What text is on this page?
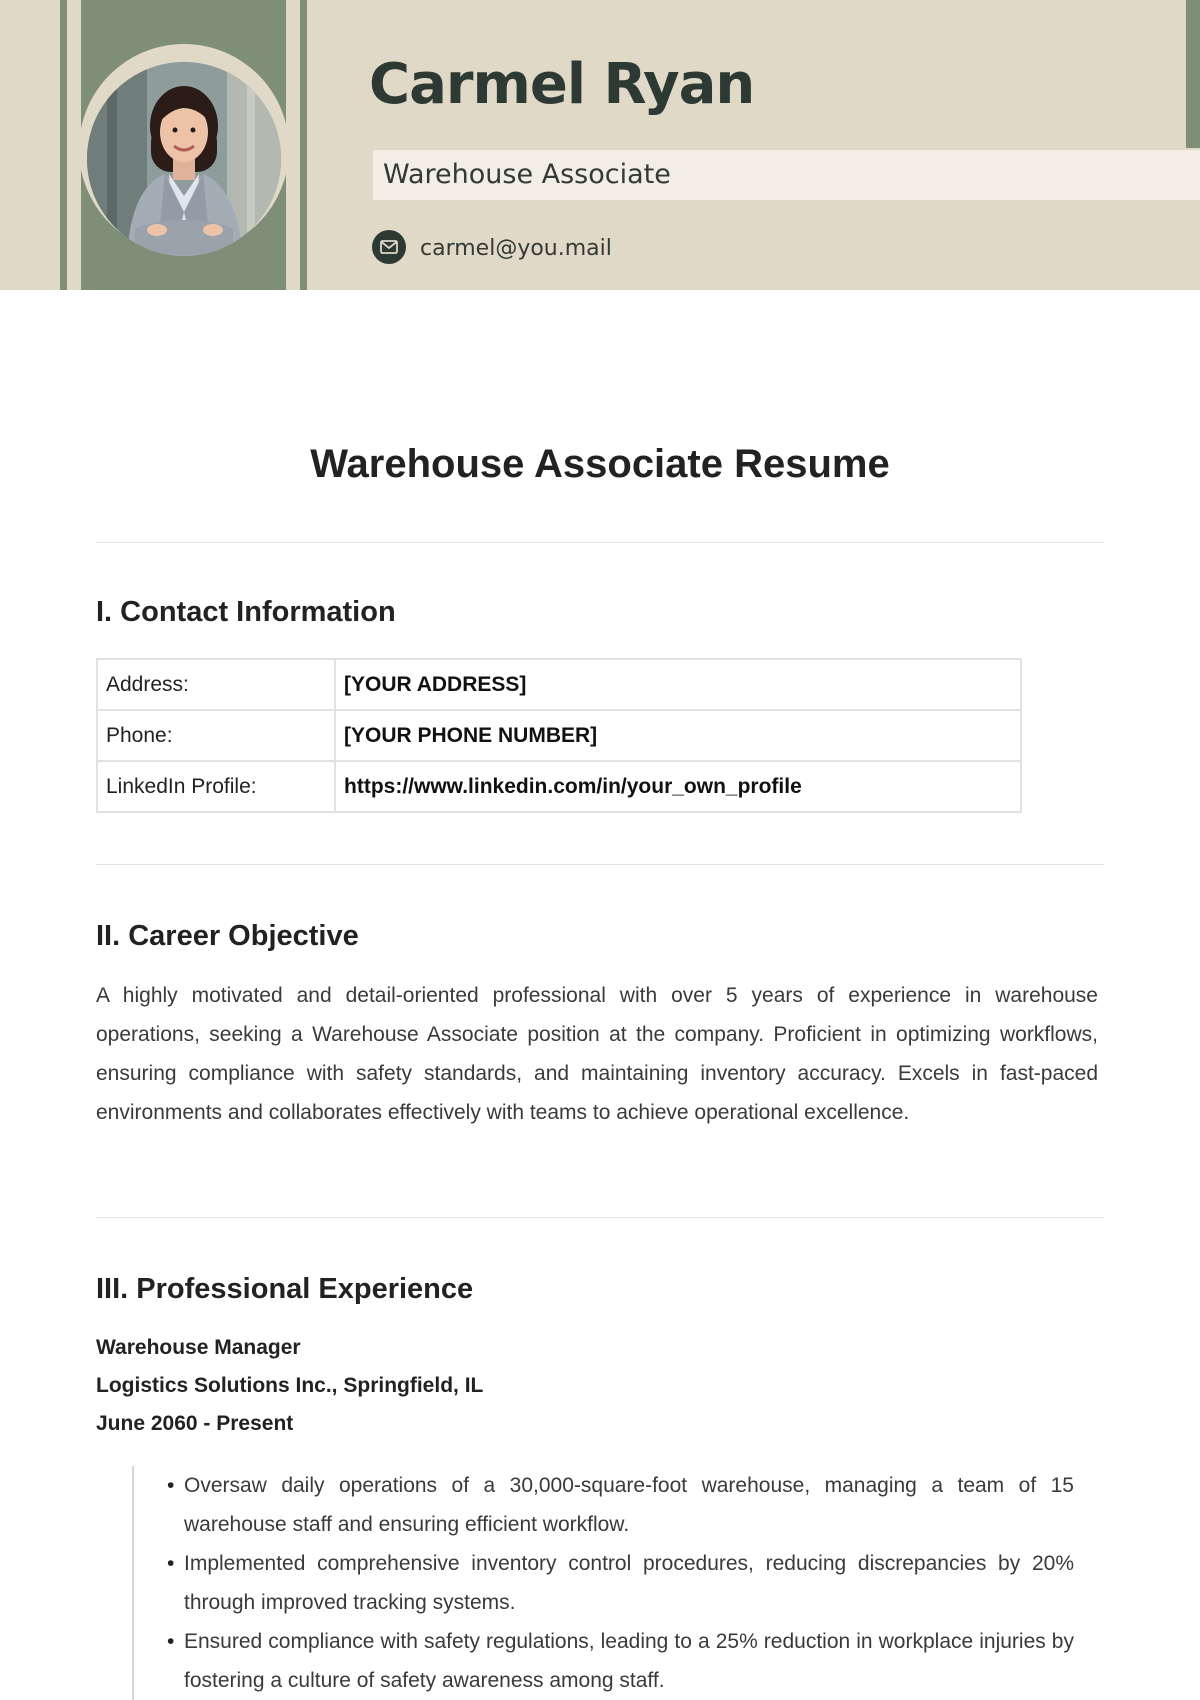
Carmel Ryan
Warehouse Associate
carmel@you.mail
Warehouse Associate Resume
I. Contact Information
Address:	[YOUR ADDRESS]
Phone:	[YOUR PHONE NUMBER]
LinkedIn Profile:	https://www.linkedin.com/in/your_own_profile
II. Career Objective

A highly motivated and detail-oriented professional with over 5 years of experience in warehouse operations, seeking a Warehouse Associate position at the company. Proficient in optimizing workflows, ensuring compliance with safety standards, and maintaining inventory accuracy. Excels in fast-paced environments and collaborates effectively with teams to achieve operational excellence.

III. Professional Experience

Warehouse Manager

Logistics Solutions Inc., Springfield, IL

June 2060 - Present

• Oversaw daily operations of a 30,000-square-foot warehouse, managing a team of 15 warehouse staff and ensuring efficient workflow.
• Implemented comprehensive inventory control procedures, reducing discrepancies by 20% through improved tracking systems.
• Ensured compliance with safety regulations, leading to a 25% reduction in workplace injuries by fostering a culture of safety awareness among staff.
